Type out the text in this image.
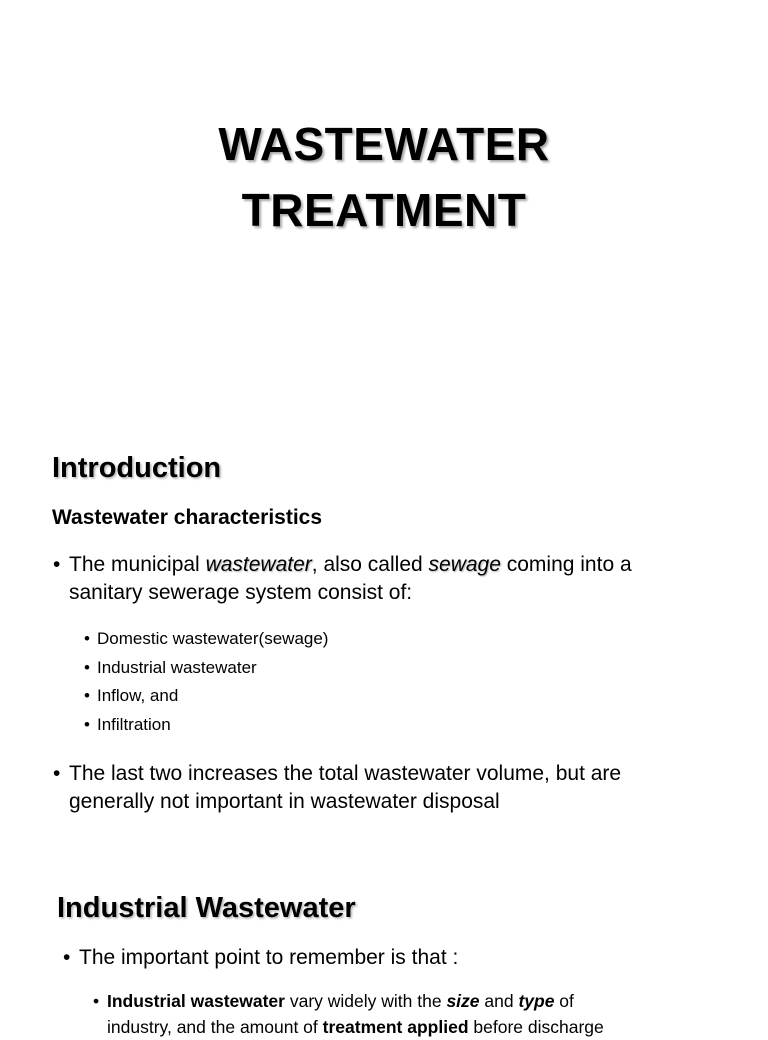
WASTEWATER
TREATMENT
Introduction
Wastewater characteristics
• The municipal wastewater, also called sewage coming into a
sanitary sewerage system consist of:
• Domestic wastewater(sewage)
• Industrial wastewater
• Inflow, and
• Infiltration
• The last two increases the total wastewater volume, but are
generally not important in wastewater disposal
Industrial Wastewater
• The important point to remember is that :
• Industrial wastewater vary widely with the size and type of
industry, and the amount of treatment applied before discharge
